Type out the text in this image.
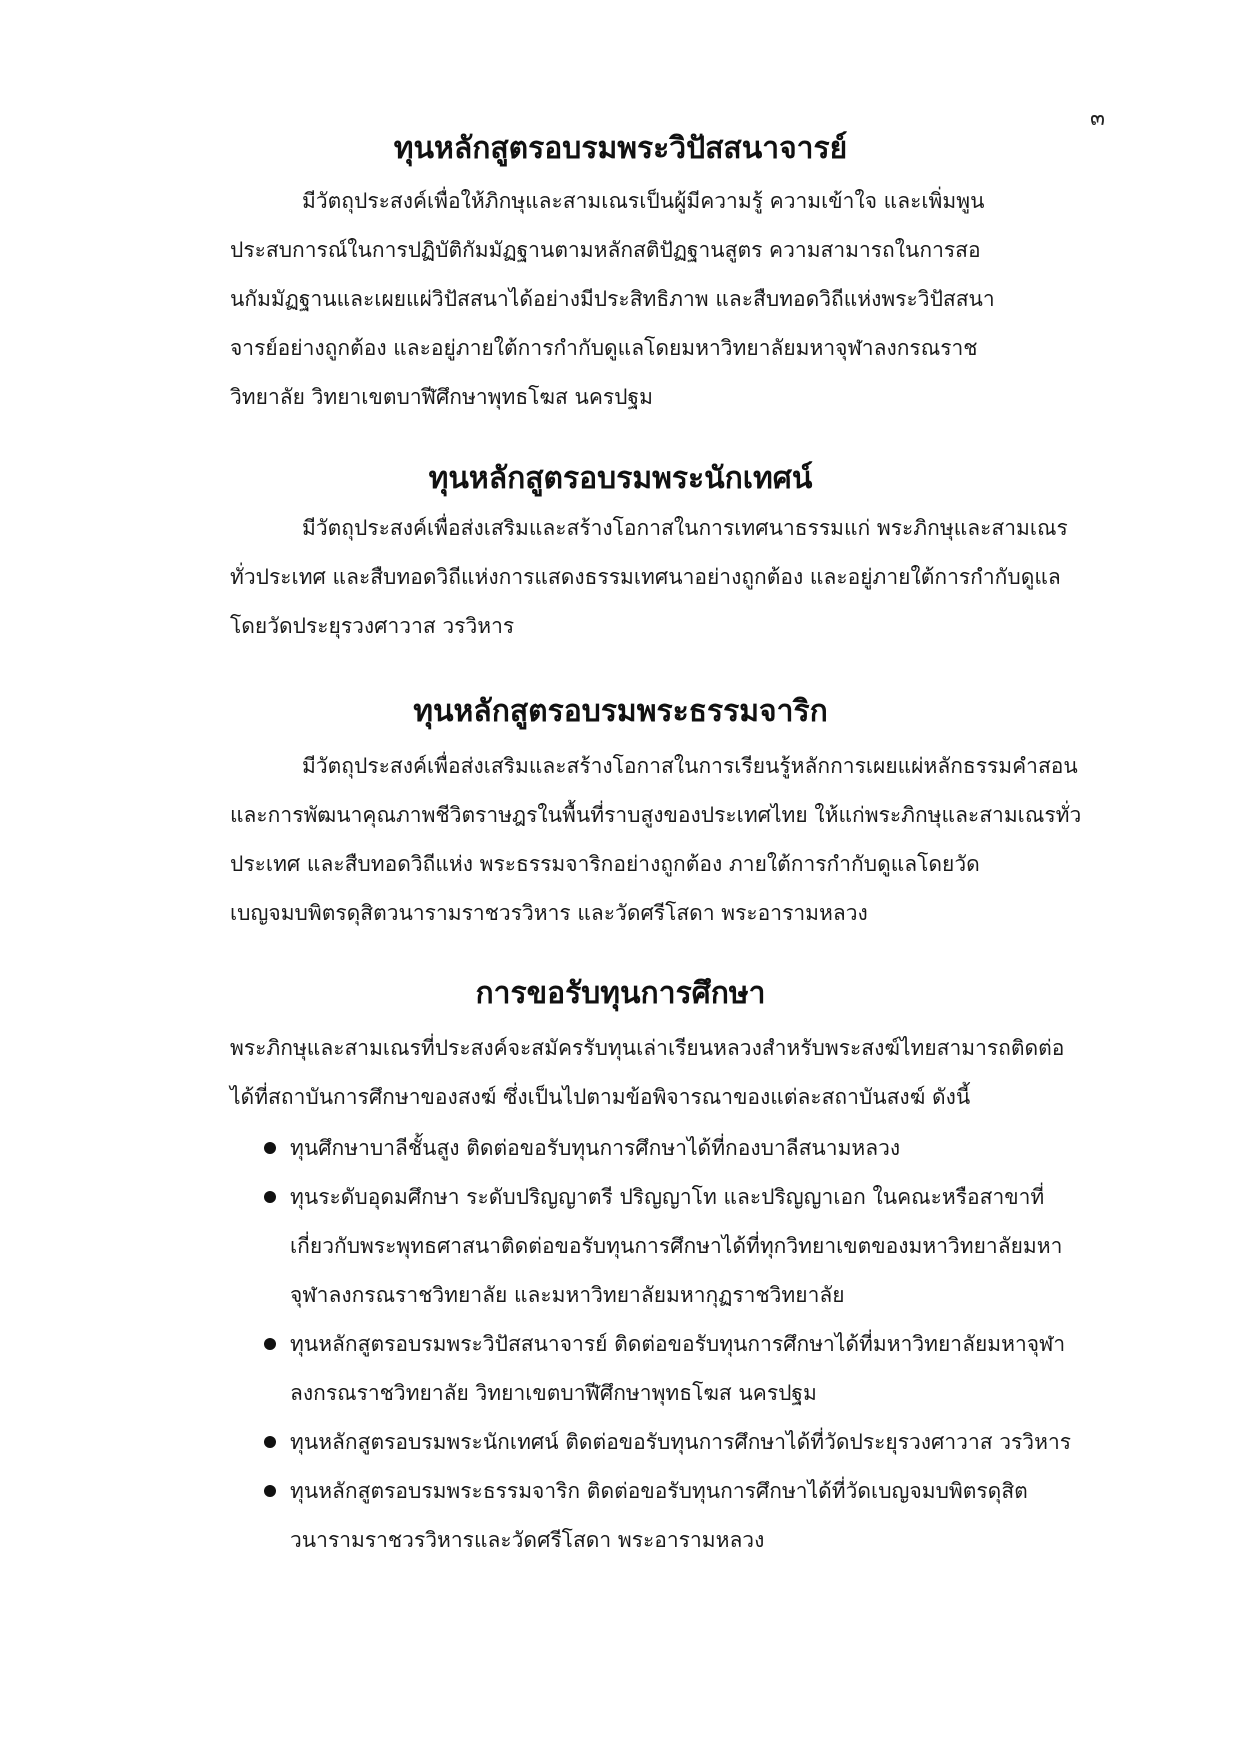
๓
ทุนหลักสูตรอบรมพระวิปัสสนาจารย์

มีวัตถุประสงค์เพื่อให้ภิกษุและสามเณรเป็นผู้มีความรู้ ความเข้าใจ และเพิ่มพูน
ประสบการณ์ในการปฏิบัติกัมมัฏฐานตามหลักสติปัฏฐานสูตร ความสามารถในการสอ
นกัมมัฏฐานและเผยแผ่วิปัสสนาได้อย่างมีประสิทธิภาพ และสืบทอดวิถีแห่งพระวิปัสสนา
จารย์อย่างถูกต้อง และอยู่ภายใต้การกำกับดูแลโดยมหาวิทยาลัยมหาจุฬาลงกรณราช
วิทยาลัย วิทยาเขตบาฬีศึกษาพุทธโฆส นครปฐม

ทุนหลักสูตรอบรมพระนักเทศน์

มีวัตถุประสงค์เพื่อส่งเสริมและสร้างโอกาสในการเทศนาธรรมแก่ พระภิกษุและสามเณร
ทั่วประเทศ และสืบทอดวิถีแห่งการแสดงธรรมเทศนาอย่างถูกต้อง และอยู่ภายใต้การกำกับดูแล
โดยวัดประยุรวงศาวาส วรวิหาร

ทุนหลักสูตรอบรมพระธรรมจาริก

มีวัตถุประสงค์เพื่อส่งเสริมและสร้างโอกาสในการเรียนรู้หลักการเผยแผ่หลักธรรมคำสอน
และการพัฒนาคุณภาพชีวิตราษฎรในพื้นที่ราบสูงของประเทศไทย ให้แก่พระภิกษุและสามเณรทั่ว
ประเทศ และสืบทอดวิถีแห่ง พระธรรมจาริกอย่างถูกต้อง ภายใต้การกำกับดูแลโดยวัด
เบญจมบพิตรดุสิตวนารามราชวรวิหาร และวัดศรีโสดา พระอารามหลวง

การขอรับทุนการศึกษา

พระภิกษุและสามเณรที่ประสงค์จะสมัครรับทุนเล่าเรียนหลวงสำหรับพระสงฆ์ไทยสามารถติดต่อ
ได้ที่สถาบันการศึกษาของสงฆ์ ซึ่งเป็นไปตามข้อพิจารณาของแต่ละสถาบันสงฆ์ ดังนี้

ทุนศึกษาบาลีชั้นสูง ติดต่อขอรับทุนการศึกษาได้ที่กองบาลีสนามหลวง
ทุนระดับอุดมศึกษา ระดับปริญญาตรี ปริญญาโท และปริญญาเอก ในคณะหรือสาขาที่
เกี่ยวกับพระพุทธศาสนาติดต่อขอรับทุนการศึกษาได้ที่ทุกวิทยาเขตของมหาวิทยาลัยมหา
จุฬาลงกรณราชวิทยาลัย และมหาวิทยาลัยมหากุฏราชวิทยาลัย
ทุนหลักสูตรอบรมพระวิปัสสนาจารย์ ติดต่อขอรับทุนการศึกษาได้ที่มหาวิทยาลัยมหาจุฬา
ลงกรณราชวิทยาลัย วิทยาเขตบาฬีศึกษาพุทธโฆส นครปฐม
ทุนหลักสูตรอบรมพระนักเทศน์ ติดต่อขอรับทุนการศึกษาได้ที่วัดประยุรวงศาวาส วรวิหาร
ทุนหลักสูตรอบรมพระธรรมจาริก ติดต่อขอรับทุนการศึกษาได้ที่วัดเบญจมบพิตรดุสิต
วนารามราชวรวิหารและวัดศรีโสดา พระอารามหลวง
